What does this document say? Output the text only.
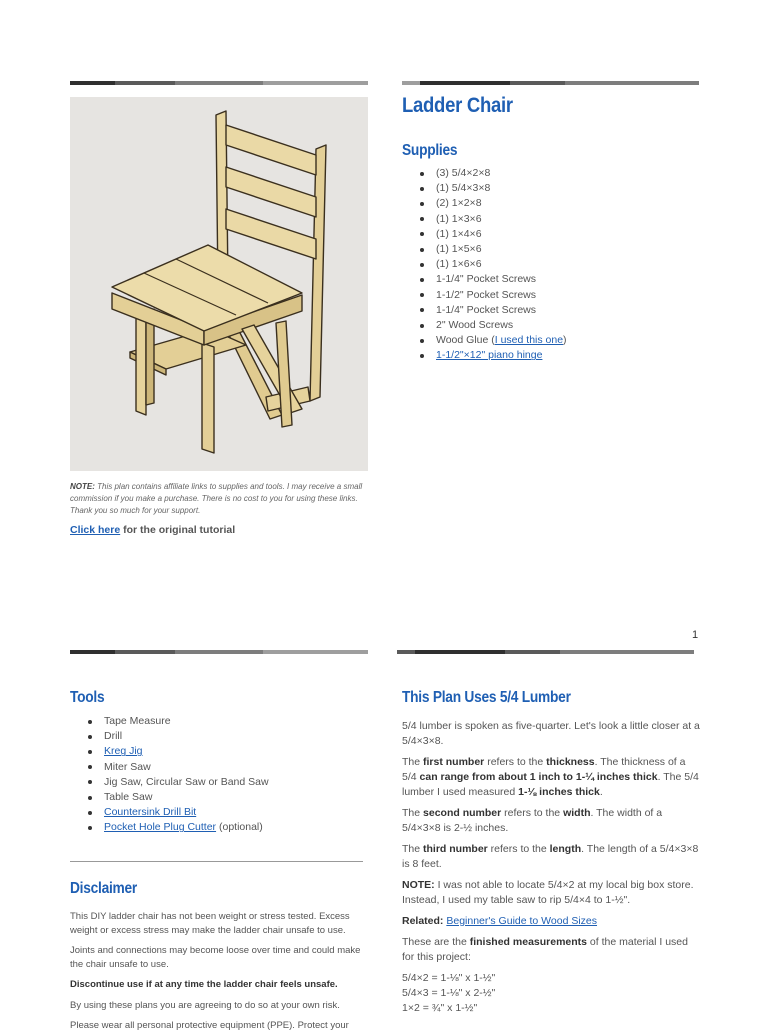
NOTE: This plan contains affiliate links to supplies and tools. I may receive a small commission if you make a purchase. There is no cost to you for using these links. Thank you so much for your support.
Click here for the original tutorial
Ladder Chair
Supplies
(3) 5/4×2×8
(1) 5/4×3×8
(2) 1×2×8
(1) 1×3×6
(1) 1×4×6
(1) 1×5×6
(1) 1×6×6
1-1/4" Pocket Screws
1-1/2" Pocket Screws
1-1/4" Pocket Screws
2" Wood Screws
Wood Glue (I used this one)
1-1/2"×12" piano hinge
1
Tools
Tape Measure
Drill
Kreg Jig
Miter Saw
Jig Saw, Circular Saw or Band Saw
Table Saw
Countersink Drill Bit
Pocket Hole Plug Cutter (optional)
Disclaimer

This DIY ladder chair has not been weight or stress tested. Excess weight or excess stress may make the ladder chair unsafe to use.

Joints and connections may become loose over time and could make the chair unsafe to use.

Discontinue use if at any time the ladder chair feels unsafe.

By using these plans you are agreeing to do so at your own risk.

Please wear all personal protective equipment (PPE). Protect your

This Plan Uses 5/4 Lumber

5/4 lumber is spoken as five-quarter. Let's look a little closer at a 5/4×3×8.

The first number refers to the thickness. The thickness of a 5/4 can range from about 1 inch to 1-¼ inches thick. The 5/4 lumber I used measured 1-⅛ inches thick.

The second number refers to the width. The width of a 5/4×3×8 is 2-½ inches.

The third number refers to the length. The length of a 5/4×3×8 is 8 feet.

NOTE: I was not able to locate 5/4×2 at my local big box store. Instead, I used my table saw to rip 5/4×4 to 1-½".

Related: Beginner's Guide to Wood Sizes

These are the finished measurements of the material I used for this project:

5/4×2 = 1-⅛" x 1-½"

5/4×3 = 1-⅛" x 2-½"

1×2 = ¾" x 1-½"
